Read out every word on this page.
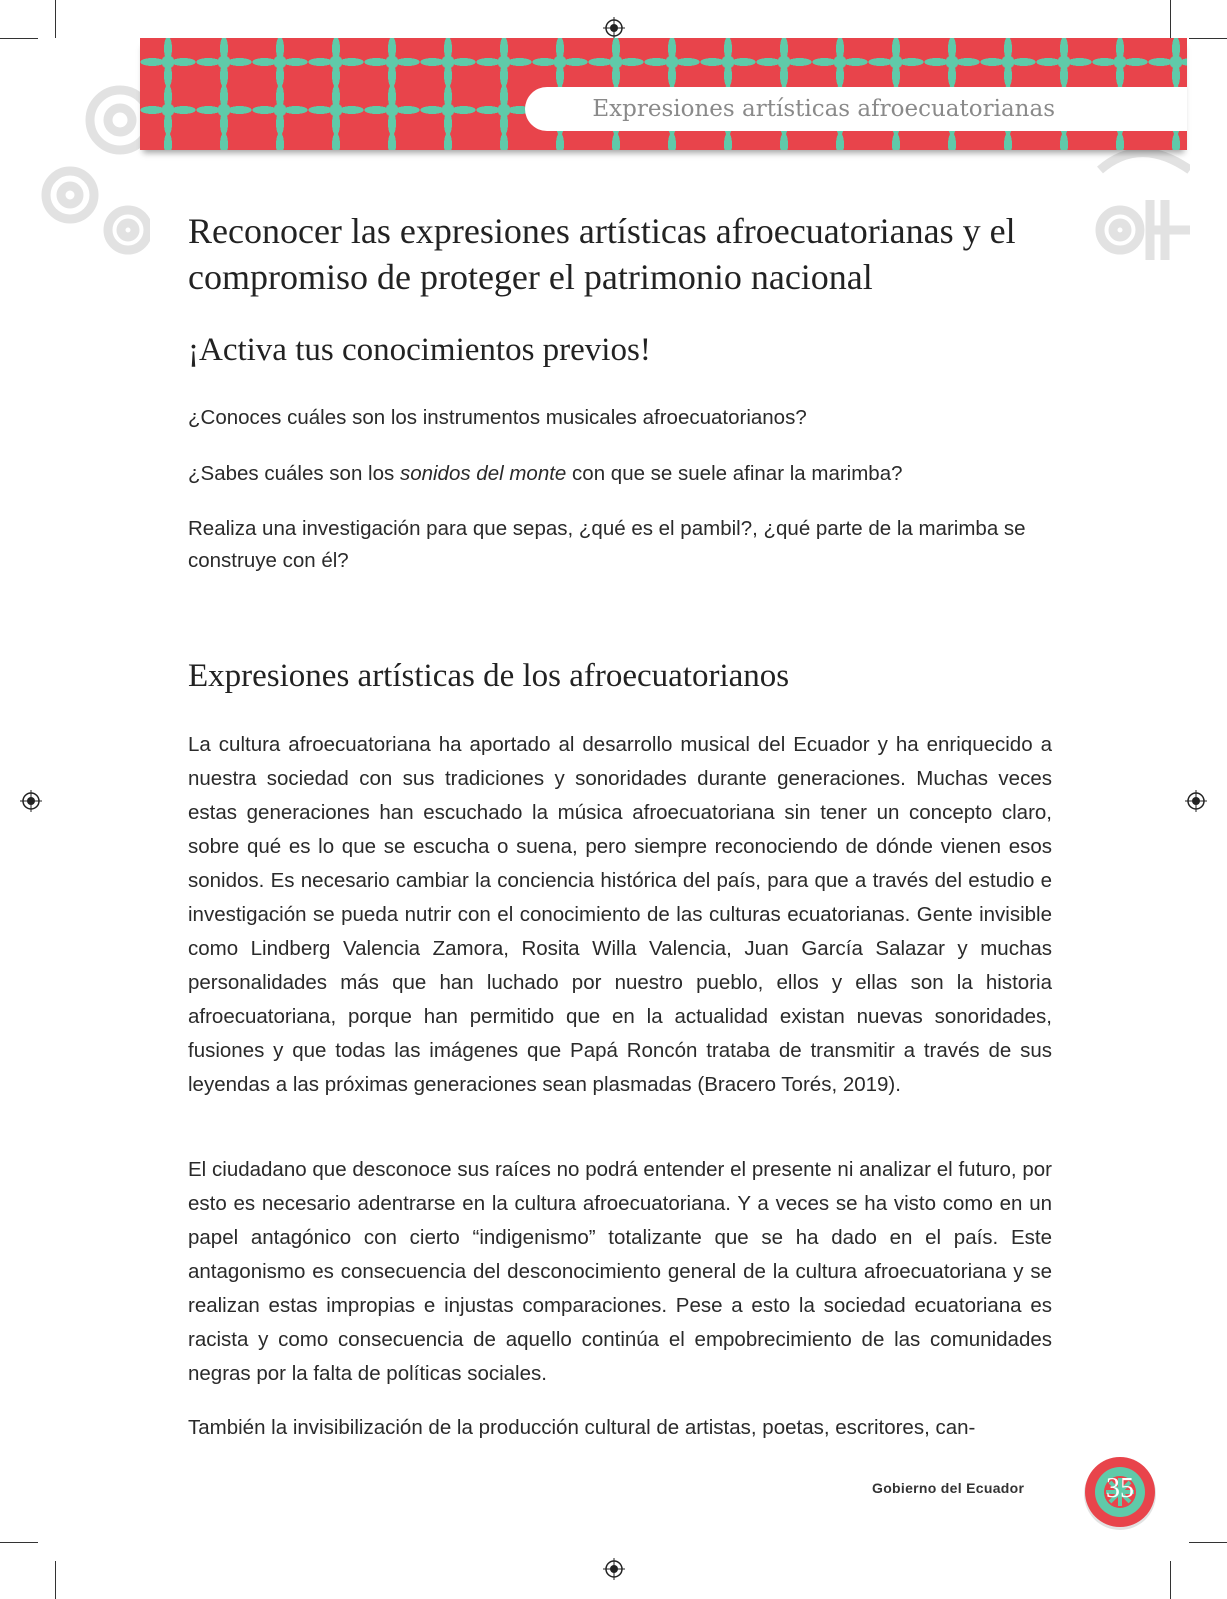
Expresiones artísticas afroecuatorianas
Reconocer las expresiones artísticas afroecuatorianas y el compromiso de proteger el patrimonio nacional
¡Activa tus conocimientos previos!

¿Conoces cuáles son los instrumentos musicales afroecuatorianos?

¿Sabes cuáles son los sonidos del monte con que se suele afinar la marimba?

Realiza una investigación para que sepas, ¿qué es el pambil?, ¿qué parte de la marimba se construye con él?

Expresiones artísticas de los afroecuatorianos

La cultura afroecuatoriana ha aportado al desarrollo musical del Ecuador y ha enriquecido a nuestra sociedad con sus tradiciones y sonoridades durante generaciones. Muchas veces estas generaciones han escuchado la música afroecuatoriana sin tener un concepto claro, sobre qué es lo que se escucha o suena, pero siempre reconociendo de dónde vienen esos sonidos. Es necesario cambiar la conciencia histórica del país, para que a través del estudio e investigación se pueda nutrir con el conocimiento de las culturas ecuatorianas. Gente invisible como Lindberg Valencia Zamora, Rosita Willa Valencia, Juan García Salazar y muchas personalidades más que han luchado por nuestro pueblo, ellos y ellas son la historia afroecuatoriana, porque han permitido que en la actualidad existan nuevas sonoridades, fusiones y que todas las imágenes que Papá Roncón trataba de transmitir a través de sus leyendas a las próximas generaciones sean plasmadas (Bracero Torés, 2019).

El ciudadano que desconoce sus raíces no podrá entender el presente ni analizar el futuro, por esto es necesario adentrarse en la cultura afroecuatoriana. Y a veces se ha visto como en un papel antagónico con cierto “indigenismo” totalizante que se ha dado en el país. Este antagonismo es consecuencia del desconocimiento general de la cultura afroecuatoriana y se realizan estas impropias e injustas comparaciones. Pese a esto la sociedad ecuatoriana es racista y como consecuencia de aquello continúa el empobrecimiento de las comunidades negras por la falta de políticas sociales.

También la invisibilización de la producción cultural de artistas, poetas, escritores, can-

Gobierno del Ecuador	35
